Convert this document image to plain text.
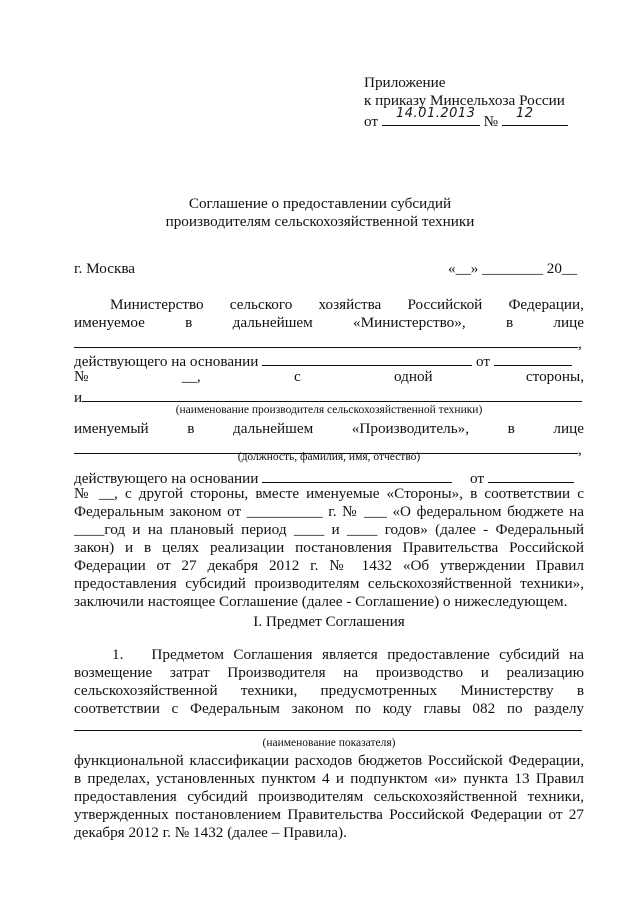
Приложение
к приказу Минсельхоза России
от	№
14.01.2013	12
Соглашение о предоставлении субсидий
производителям сельскохозяйственной техники
г. Москва	«__» ________ 20__
Министерство сельского хозяйства Российской Федерации,
именуемое	в	дальнейшем	«Министерство»,	в	лице
,
действующего на основании	от
№	__,	с	одной	стороны,
и
(наименование производителя сельскохозяйственной техники)
именуемый	в	дальнейшем	«Производитель»,	в	лице
,
(должность, фамилия, имя, отчество)
действующего на основании	от
№ __, с другой стороны, вместе именуемые «Стороны», в соответствии с
Федеральным законом от __________ г. № ___ «О федеральном бюджете на
____год и на плановый период ____ и ____ годов» (далее - Федеральный
закон) и в целях реализации постановления Правительства Российской
Федерации от 27 декабря 2012 г. № 1432 «Об утверждении Правил
предоставления субсидий производителям сельскохозяйственной техники»,
заключили настоящее Соглашение (далее - Соглашение) о нижеследующем.
I. Предмет Соглашения
1. Предметом Соглашения является предоставление субсидий на
возмещение затрат Производителя на производство и реализацию
сельскохозяйственной техники, предусмотренных Министерству в
соответствии с Федеральным законом по коду главы 082 по разделу
(наименование показателя)
функциональной классификации расходов бюджетов Российской Федерации,
в пределах, установленных пунктом 4 и подпунктом «и» пункта 13 Правил
предоставления субсидий производителям сельскохозяйственной техники,
утвержденных постановлением Правительства Российской Федерации от 27
декабря 2012 г. № 1432 (далее – Правила).
